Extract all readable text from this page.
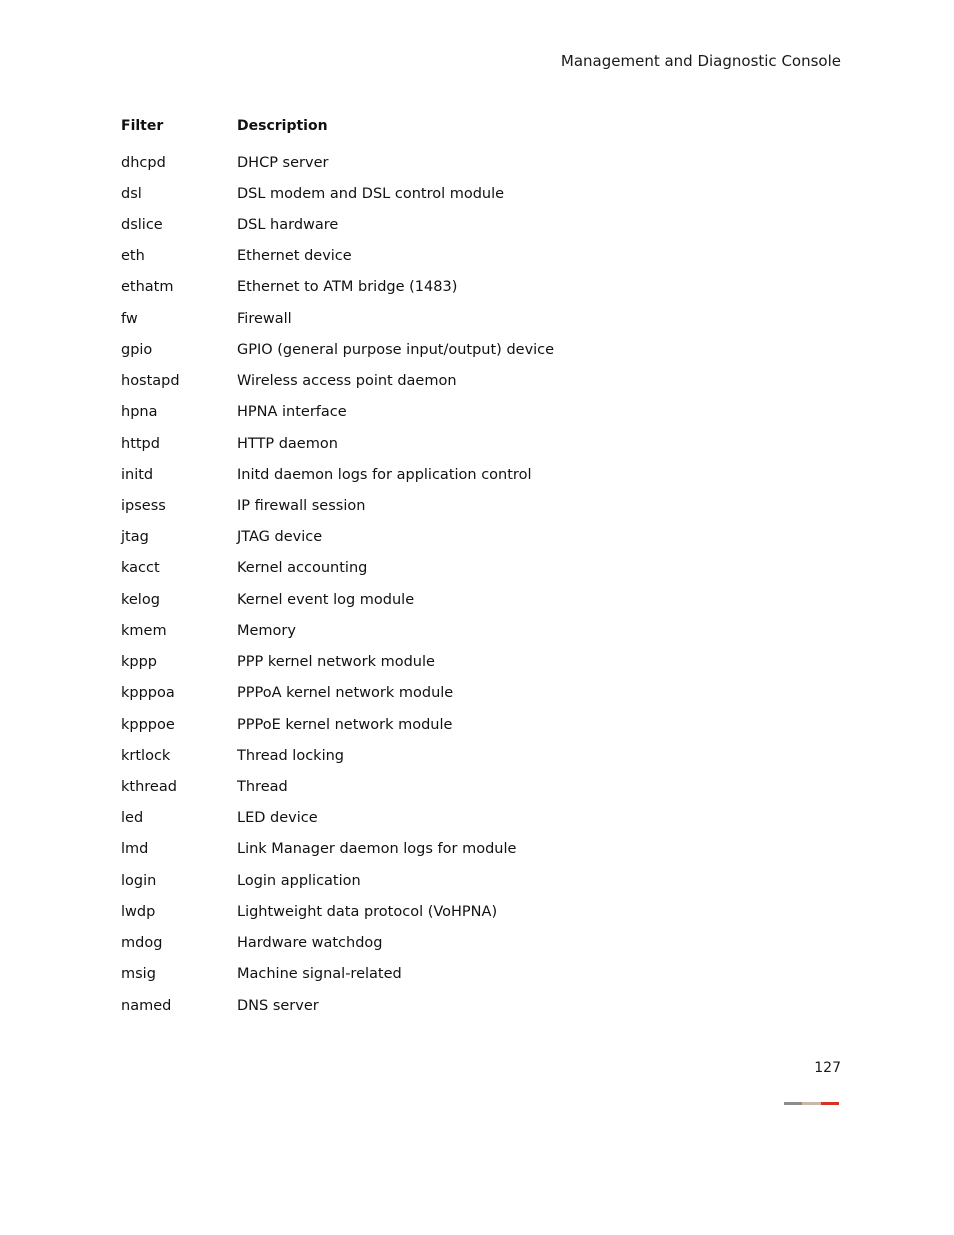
Management and Diagnostic Console
Filter	Description
dhcpd	DHCP server
dsl	DSL modem and DSL control module
dslice	DSL hardware
eth	Ethernet device
ethatm	Ethernet to ATM bridge (1483)
fw	Firewall
gpio	GPIO (general purpose input/output) device
hostapd	Wireless access point daemon
hpna	HPNA interface
httpd	HTTP daemon
initd	Initd daemon logs for application control
ipsess	IP firewall session
jtag	JTAG device
kacct	Kernel accounting
kelog	Kernel event log module
kmem	Memory
kppp	PPP kernel network module
kpppoa	PPPoA kernel network module
kpppoe	PPPoE kernel network module
krtlock	Thread locking
kthread	Thread
led	LED device
lmd	Link Manager daemon logs for module
login	Login application
lwdp	Lightweight data protocol (VoHPNA)
mdog	Hardware watchdog
msig	Machine signal-related
named	DNS server
127
